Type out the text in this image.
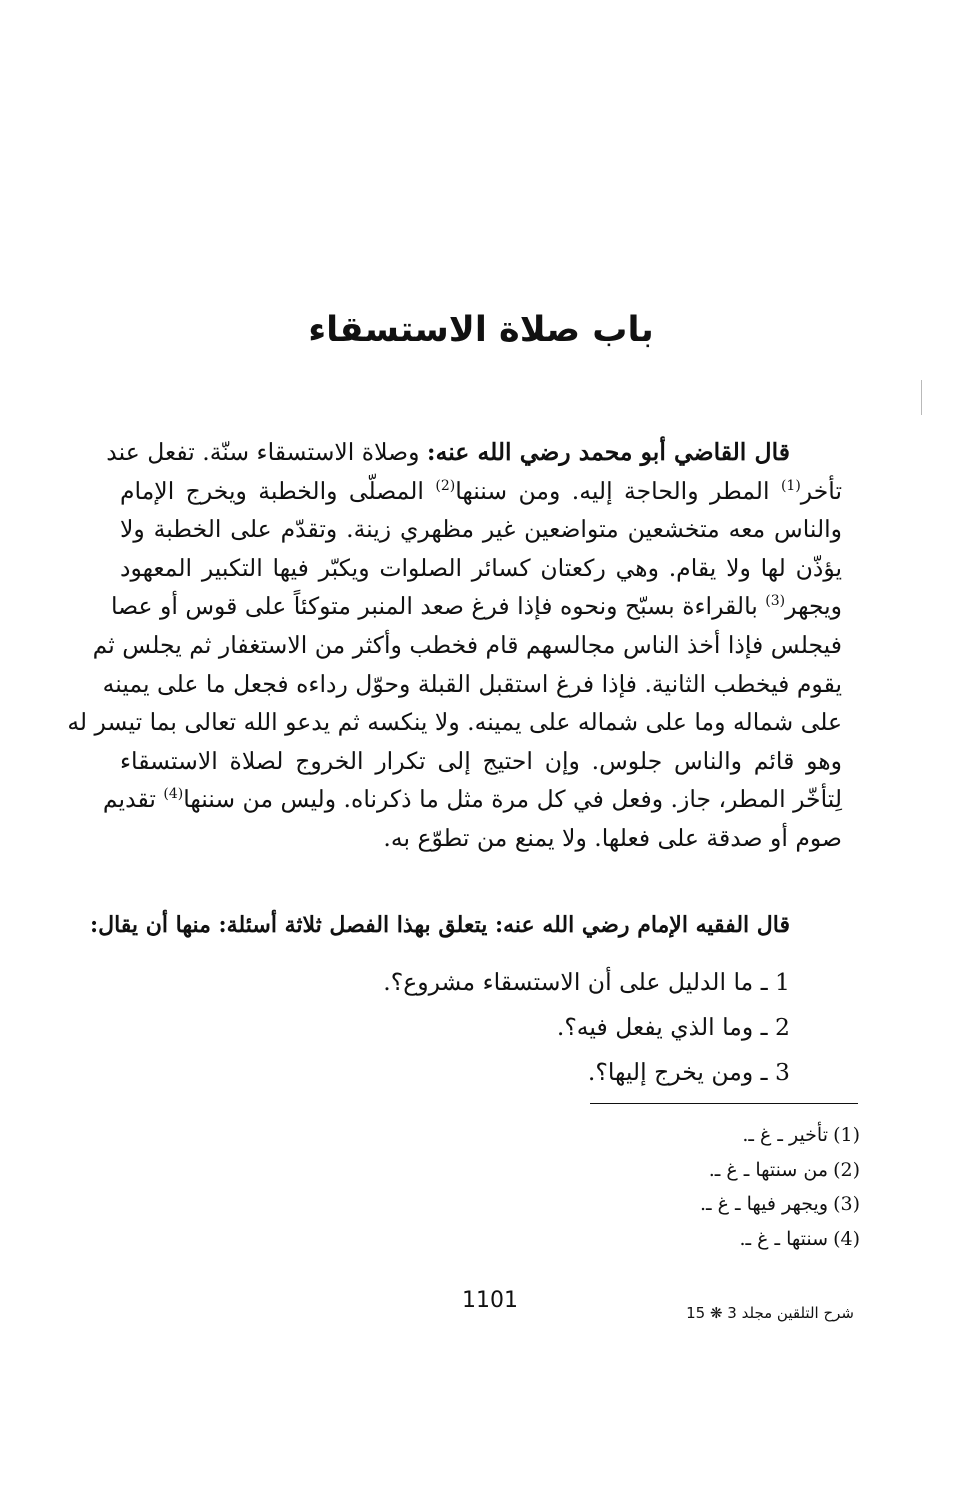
باب صلاة الاستسقاء
قال القاضي أبو محمد رضي الله عنه: وصلاة الاستسقاء سنّة. تفعل عند
تأخر$^{(1)}$ المطر والحاجة إليه. ومن سننها$^{(2)}$ المصلّى والخطبة ويخرج الإمام
والناس معه متخشعين متواضعين غير مظهري زينة. وتقدّم على الخطبة ولا
يؤذّن لها ولا يقام. وهي ركعتان كسائر الصلوات ويكبّر فيها التكبير المعهود
ويجهر$^{(3)}$ بالقراءة بسبّح ونحوه فإذا فرغ صعد المنبر متوكئاً على قوس أو عصا
فيجلس فإذا أخذ الناس مجالسهم قام فخطب وأكثر من الاستغفار ثم يجلس ثم
يقوم فيخطب الثانية. فإذا فرغ استقبل القبلة وحوّل رداءه فجعل ما على يمينه
على شماله وما على شماله على يمينه. ولا ينكسه ثم يدعو الله تعالى بما تيسر له
وهو قائم والناس جلوس. وإن احتيج إلى تكرار الخروج لصلاة الاستسقاء
لِتأخّر المطر، جاز. وفعل في كل مرة مثل ما ذكرناه. وليس من سننها$^{(4)}$ تقديم
صوم أو صدقة على فعلها. ولا يمنع من تطوّع به.
قال الفقيه الإمام رضي الله عنه: يتعلق بهذا الفصل ثلاثة أسئلة: منها أن يقال:
1 ـ ما الدليل على أن الاستسقاء مشروع؟.
2 ـ وما الذي يفعل فيه؟.
3 ـ ومن يخرج إليها؟.
(1)تأخير ـ غ ـ.
(2)من سنتها ـ غ ـ.
(3)ويجهر فيها ـ غ ـ.
(4)سنتها ـ غ ـ.
1101	شرح التلقين مجلد 3 ❋ 15
